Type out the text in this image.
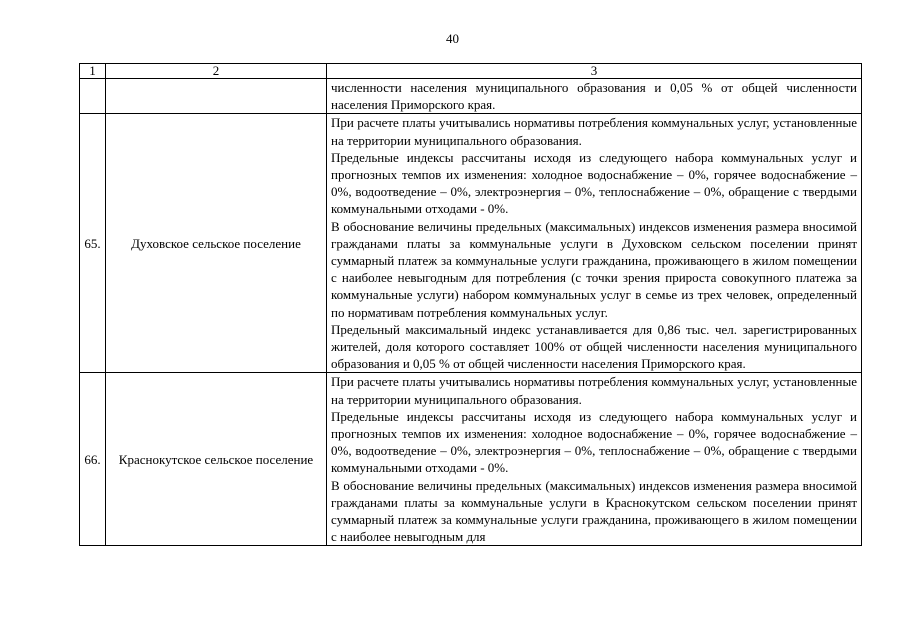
40
1	2	3
		численности населения муниципального образования и 0,05 % от общей численности населения Приморского края.
65.	Духовское сельское поселение	При расчете платы учитывались нормативы потребления коммунальных услуг, установленные на территории муниципального образования.

Предельные индексы рассчитаны исходя из следующего набора коммунальных услуг и прогнозных темпов их изменения: холодное водоснабжение – 0%, горячее водоснабжение – 0%, водоотведение – 0%, электроэнергия – 0%, теплоснабжение – 0%, обращение с твердыми коммунальными отходами - 0%.

В обоснование величины предельных (максимальных) индексов изменения размера вносимой гражданами платы за коммунальные услуги в Духовском сельском поселении принят суммарный платеж за коммунальные услуги гражданина, проживающего в жилом помещении с наиболее невыгодным для потребления (с точки зрения прироста совокупного платежа за коммунальные услуги) набором коммунальных услуг в семье из трех человек, определенный по нормативам потребления коммунальных услуг.

Предельный максимальный индекс устанавливается для 0,86 тыс. чел. зарегистрированных жителей, доля которого составляет 100% от общей численности населения муниципального образования и 0,05 % от общей численности населения Приморского края.

66.	Краснокутское сельское поселение	При расчете платы учитывались нормативы потребления коммунальных услуг, установленные на территории муниципального образования.

Предельные индексы рассчитаны исходя из следующего набора коммунальных услуг и прогнозных темпов их изменения: холодное водоснабжение – 0%, горячее водоснабжение – 0%, водоотведение – 0%, электроэнергия – 0%, теплоснабжение – 0%, обращение с твердыми коммунальными отходами - 0%.

В обоснование величины предельных (максимальных) индексов изменения размера вносимой гражданами платы за коммунальные услуги в Краснокутском сельском поселении принят суммарный платеж за коммунальные услуги гражданина, проживающего в жилом помещении с наиболее невыгодным для
